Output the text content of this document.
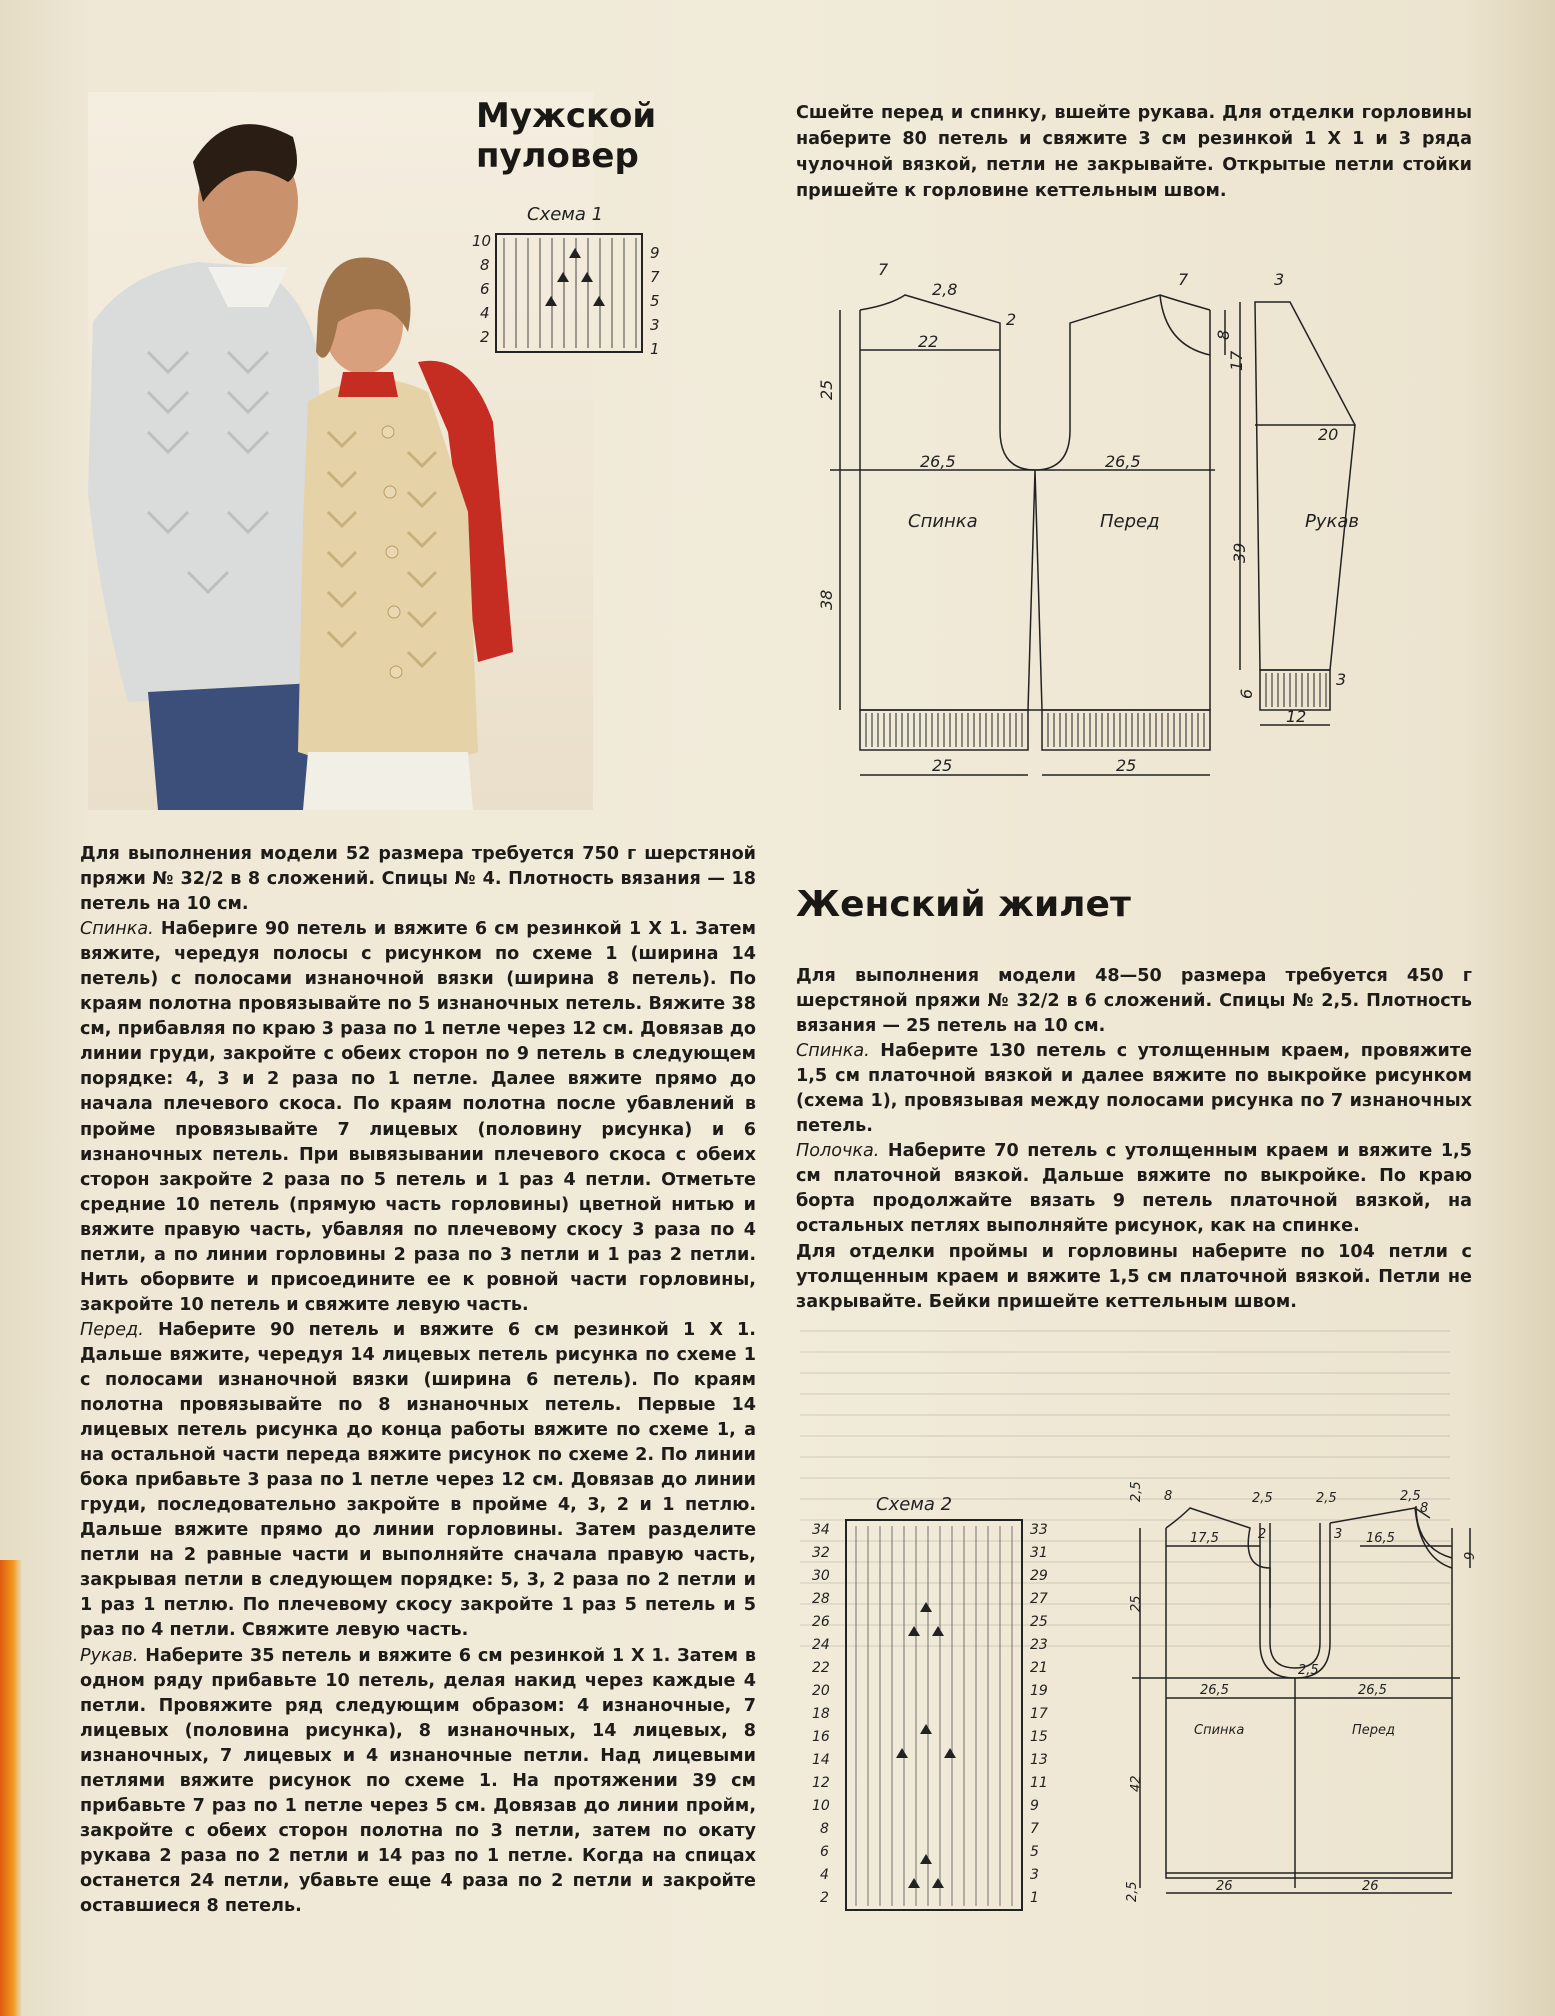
Мужской
пуловер
Схема 1
10
8
6
4
2
9
7
5
3
1
Сшейте перед и спинку, вшейте рукава. Для отделки горловины наберите 80 петель и свяжите 3 см резинкой 1 Х 1 и 3 ряда чулочной вязкой, петли не закрывайте. Открытые петли стойки пришейте к горловине кеттельным швом.
7
2,8
2
22
25
26,5	26,5
38
25	25
7
8
17
3
20
39
6
3
12
Спинка	Перед	Рукав

Для выполнения модели 52 размера требуется 750 г шерстяной пряжи № 32/2 в 8 сложений. Спицы № 4. Плотность вязания — 18 петель на 10 см.

Спинка. Набериге 90 петель и вяжите 6 см резинкой 1 Х 1. Затем вяжите, чередуя полосы с рисунком по схеме 1 (ширина 14 петель) с полосами изнаночной вязки (ширина 8 петель). По краям полотна провязывайте по 5 изнаночных петель. Вяжите 38 см, прибавляя по краю 3 раза по 1 петле через 12 см. Довязав до линии груди, закройте с обеих сторон по 9 петель в следующем порядке: 4, 3 и 2 раза по 1 петле. Далее вяжите прямо до начала плечевого скоса. По краям полотна после убавлений в пройме провязывайте 7 лицевых (половину рисунка) и 6 изнаночных петель. При вывязывании плечевого скоса с обеих сторон закройте 2 раза по 5 петель и 1 раз 4 петли. Отметьте средние 10 петель (прямую часть горловины) цветной нитью и вяжите правую часть, убавляя по плечевому скосу 3 раза по 4 петли, а по линии горловины 2 раза по 3 петли и 1 раз 2 петли. Нить оборвите и присоедините ее к ровной части горловины, закройте 10 петель и свяжите левую часть.

Перед. Наберите 90 петель и вяжите 6 см резинкой 1 Х 1. Дальше вяжите, чередуя 14 лицевых петель рисунка по схеме 1 с полосами изнаночной вязки (ширина 6 петель). По краям полотна провязывайте по 8 изнаночных петель. Первые 14 лицевых петель рисунка до конца работы вяжите по схеме 1, а на остальной части переда вяжите рисунок по схеме 2. По линии бока прибавьте 3 раза по 1 петле через 12 см. Довязав до линии груди, последовательно закройте в пройме 4, 3, 2 и 1 петлю. Дальше вяжите прямо до линии горловины. Затем разделите петли на 2 равные части и выполняйте сначала правую часть, закрывая петли в следующем порядке: 5, 3, 2 раза по 2 петли и 1 раз 1 петлю. По плечевому скосу закройте 1 раз 5 петель и 5 раз по 4 петли. Свяжите левую часть.

Рукав. Наберите 35 петель и вяжите 6 см резинкой 1 Х 1. Затем в одном ряду прибавьте 10 петель, делая накид через каждые 4 петли. Провяжите ряд следующим образом: 4 изнаночные, 7 лицевых (половина рисунка), 8 изнаночных, 14 лицевых, 8 изнаночных, 7 лицевых и 4 изнаночные петли. Над лицевыми петлями вяжите рисунок по схеме 1. На протяжении 39 см прибавьте 7 раз по 1 петле через 5 см. Довязав до линии пройм, закройте с обеих сторон полотна по 3 петли, затем по окату рукава 2 раза по 2 петли и 14 раз по 1 петле. Когда на спицах останется 24 петли, убавьте еще 4 раза по 2 петли и закройте оставшиеся 8 петель.

Женский жилет

Для выполнения модели 48—50 размера требуется 450 г шерстяной пряжи № 32/2 в 6 сложений. Спицы № 2,5. Плотность вязания — 25 петель на 10 см.

Спинка. Наберите 130 петель с утолщенным краем, провяжите 1,5 см платочной вязкой и далее вяжите по выкройке рисунком (схема 1), провязывая между полосами рисунка по 7 изнаночных петель.

Полочка. Наберите 70 петель с утолщенным краем и вяжите 1,5 см платочной вязкой. Дальше вяжите по выкройке. По краю борта продолжайте вязать 9 петель платочной вязкой, на остальных петлях выполняйте рисунок, как на спинке.

Для отделки проймы и горловины наберите по 104 петли с утолщенным краем и вяжите 1,5 см платочной вязкой. Петли не закрывайте. Бейки пришейте кеттельным швом.

Схема 2
34
32
30
28
26
24
22
20
18
16
14
12
10
8
6
4
2
33
31
29
27
25
23
21
19
17
15
13
11
9
7
5
3
1
2,5 8	2,5	2,5	2,5
8
2	3
9
17,5	16,5
25
2,5
26,5	26,5
42
2,5	26	26
Спинка	Перед
